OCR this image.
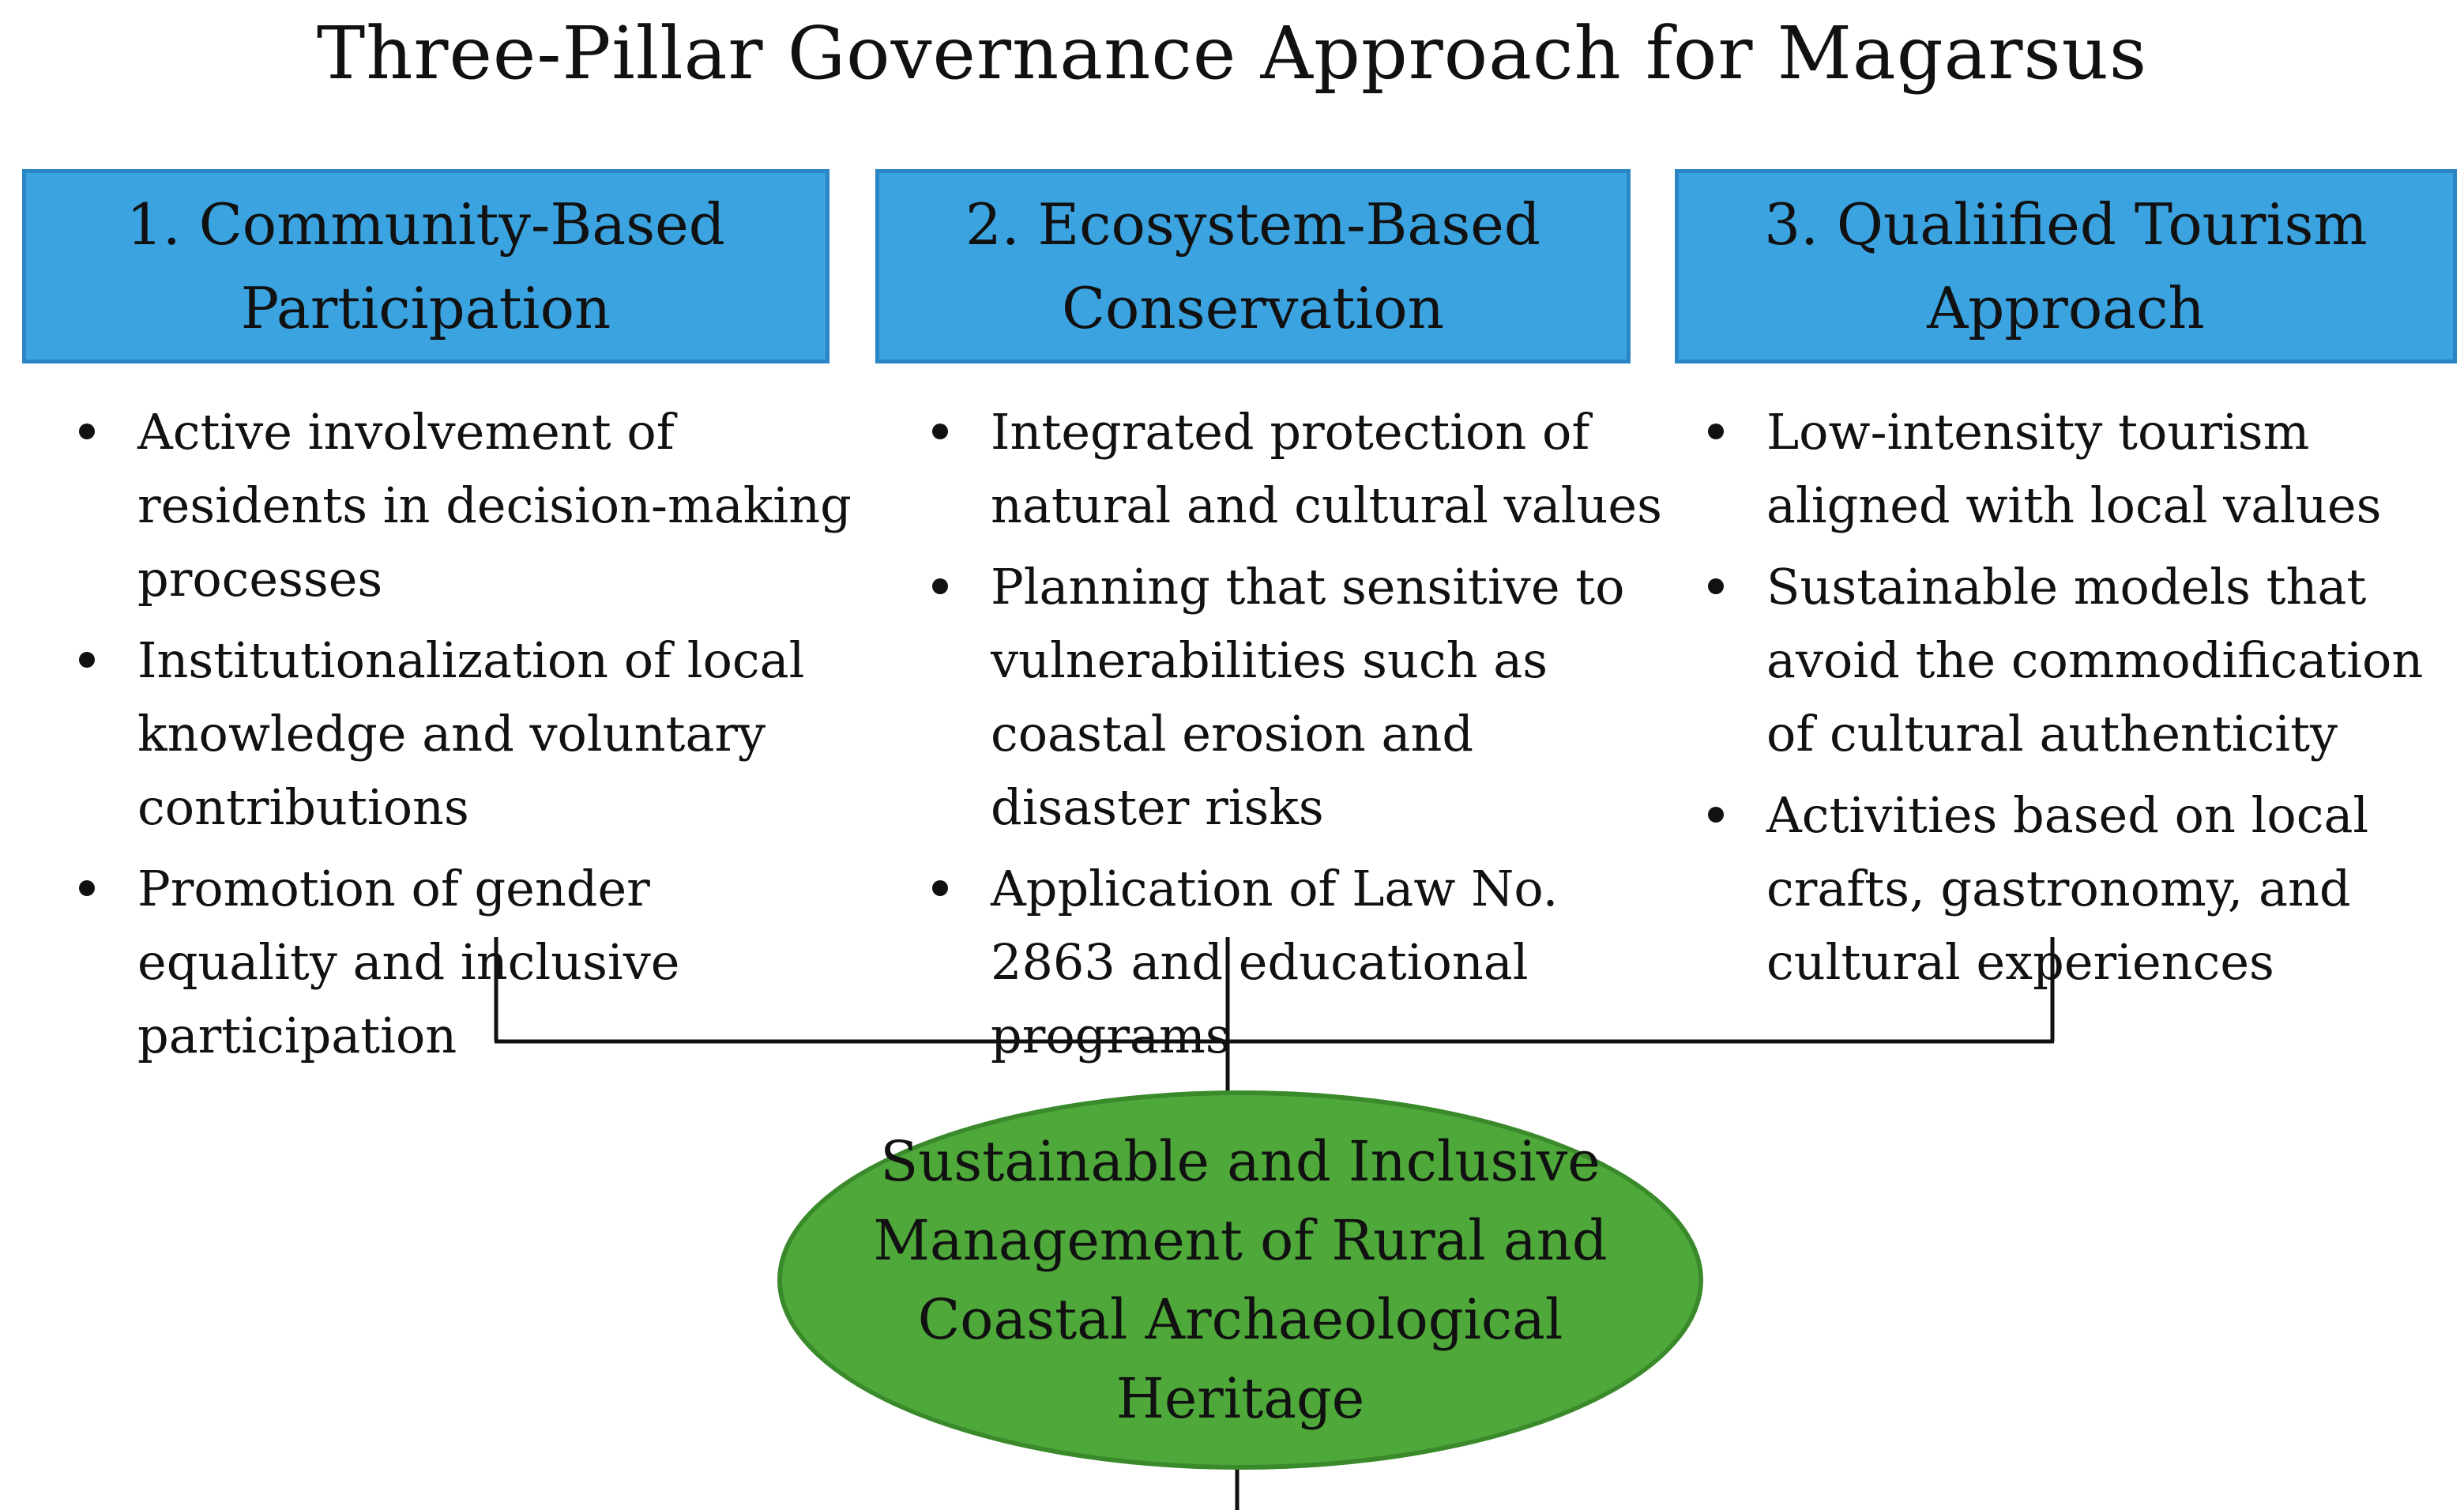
Three-Pillar Governance Approach for Magarsus
1. Community-Based Participation
2. Ecosystem-Based Conservation
3. Qualiified Tourism Approach
Active involvement of residents in decision-making processes
Institutionalization of local knowledge and voluntary contributions
Promotion of gender equality and inclusive participation
Integrated protection of natural and cultural values
Planning that sensitive to vulnerabilities such as coastal erosion and disaster risks
Application of Law No. 2863 and educational programs
Low-intensity tourism aligned with local values
Sustainable models that avoid the commodification of cultural authenticity
Activities based on local crafts, gastronomy, and cultural experiences
Sustainable and Inclusive Management of Rural and Coastal Archaeological Heritage
